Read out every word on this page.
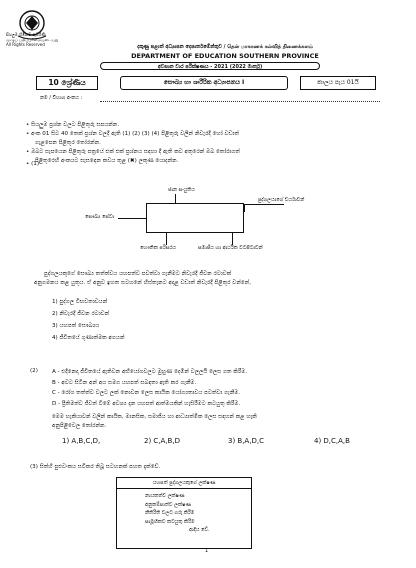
සියලුම හිමිකම් ඇවිරිණි
முழுப் பதிப்புரிமையுடையது
All Rights Reserved	දකුණු පළාත් අධ්‍යාපන දෙපාර්තමේන්තුව / தென் மாகாணக் கல்வித் திணைக்களம்
DEPARTMENT OF EDUCATION SOUTHERN PROVINCE
අවසාන වාර පරීක්ෂණය - 2021 (2022 මාර්තු)
10 ශ්‍රේණිය	සෞඛ්‍ය හා ශාරීරික අධ්‍යාපනය I	කාලය පැය 01යි
නම / විභාග අංකය :
• සියලුම ප්‍රශ්න වලට පිළිතුරු සපයන්න.
• අංක 01 සිට 40 තෙක් ප්‍රශ්න වලදී ඇති (1) (2) (3) (4) පිළිතුරු වලින් නිවැරදි හෝ වඩාත්
ගැළපෙන පිළිතුර තෝරන්න.
• ඔබට සැපයෙන පිළිතුරු පත්‍රයේ එක් එක් ප්‍රශ්නය සඳහා දී ඇති කව අතුරෙන් ඔබ තෝරාගත්
පිළිතුරෙහි අංකයට සැසඳෙන කවය තුළ (✖) ලකුණ යොදන්න.
• (1)
ජාන සංයුතිය
පුද්ගලයාගේ චර්යාවන්
සෞඛ්‍ය සේවා
භෞතික පරිසරය	සමාජීය හා ආර්ථික වටපිටාවන්
පුද්ගලයකුගේ සෞඛ්‍ය තත්ත්වය යහපත්ව පවත්වා ගැනීමට නිවැරදි ජීවන රටාවක්
අනුගමනය කළ යුතුය. ඒ අනුව ඉහත සටහනේ හිස්තැනට අදාළ වඩාත් නිවැරදි පිළිතුර වන්නේ,
1) පුද්ගල විභවතාවයන්
2) නිවැරදි ජීවන රටාවන්
3) යහපත් සෞඛ්‍යය
4) ජීවිතයේ ගුණාත්මක අගයන්
(2)	A - එදිනෙදා ජීවිතයේ ඇතිවන අභියෝගවලට මුහුණ දෙමින් වලලයි ලෙස ගත කිරීම.
B - අවට සිටින අන් අය සමග යහපත් සබඳතා ඇති කර ගැනීම.
C - රෝග තත්ත්ව වලට ලක් නොවන ලෙස කායික යෝග්‍යතාවය පවත්වා ගැනීම.
D - ප්‍රීතිමත්ව ජීවත් වීමේ අවශ්‍ය දැන යහපත් ආත්මයකින් හැසිරීමට කටයුතු කිරීම.
මෙම හැකියාවන් වලින් කායික, මානසික, සමාජීය හා ආධ්‍යාත්මික ලෙස සඳහන් කළ හැකි
අනුපිළිවෙල තෝරන්න.
1) A,B,C,D,	2) C,A,B,D	3) B,A,D,C	4) D,C,A,B
(3) සිත්හි පුළුවංකය සවිකර තිබූ සටහනක් පහත දැක්වේ.
යහපත් පුද්ගලයකුගේ ලක්ෂණ
නායකත්ව ලක්ෂණ
අනුකම්පාත්ව ලක්ෂණ
නීතිරීති වලට ගරු කිරීම
සාමූහිකව කටයුතු කිරීම
ආදිය වේ.
1
